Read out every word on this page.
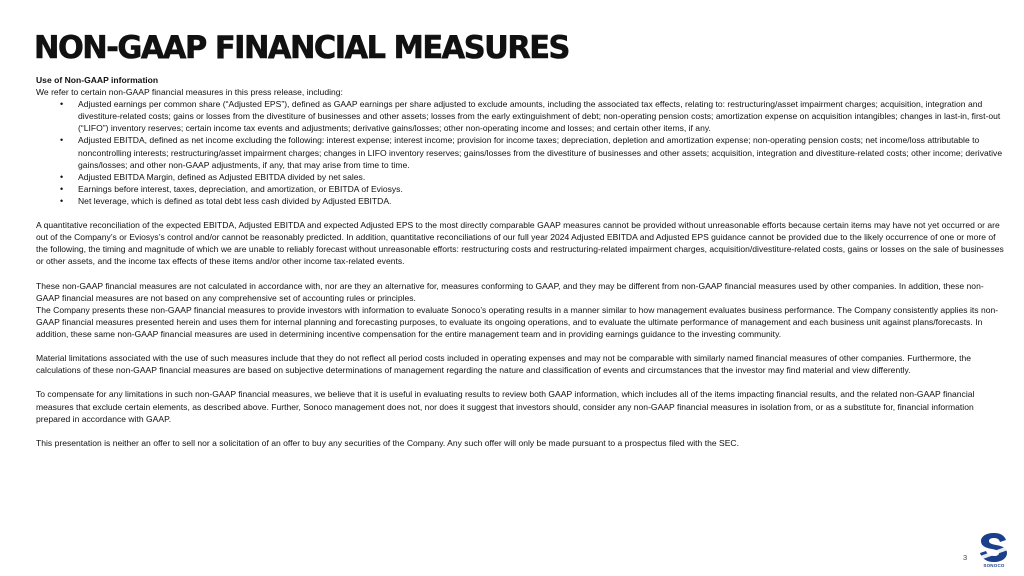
NON-GAAP FINANCIAL MEASURES

Use of Non-GAAP information

We refer to certain non-GAAP financial measures in this press release, including:

• Adjusted earnings per common share (“Adjusted EPS”), defined as GAAP earnings per share adjusted to exclude amounts, including the associated tax effects, relating to: restructuring/asset impairment charges; acquisition, integration and divestiture-related costs; gains or losses from the divestiture of businesses and other assets; losses from the early extinguishment of debt; non-operating pension costs; amortization expense on acquisition intangibles; changes in last-in, first-out (“LIFO”) inventory reserves; certain income tax events and adjustments; derivative gains/losses; other non-operating income and losses; and certain other items, if any.
• Adjusted EBITDA, defined as net income excluding the following: interest expense; interest income; provision for income taxes; depreciation, depletion and amortization expense; non-operating pension costs; net income/loss attributable to noncontrolling interests; restructuring/asset impairment charges; changes in LIFO inventory reserves; gains/losses from the divestiture of businesses and other assets; acquisition, integration and divestiture-related costs; other income; derivative gains/losses; and other non-GAAP adjustments, if any, that may arise from time to time.
• Adjusted EBITDA Margin, defined as Adjusted EBITDA divided by net sales.
• Earnings before interest, taxes, depreciation, and amortization, or EBITDA of Eviosys.
• Net leverage, which is defined as total debt less cash divided by Adjusted EBITDA.

A quantitative reconciliation of the expected EBITDA, Adjusted EBITDA and expected Adjusted EPS to the most directly comparable GAAP measures cannot be provided without unreasonable efforts because certain items may have not yet occurred or are out of the Company’s or Eviosys’s control and/or cannot be reasonably predicted. In addition, quantitative reconciliations of our full year 2024 Adjusted EBITDA and Adjusted EPS guidance cannot be provided due to the likely occurrence of one or more of the following, the timing and magnitude of which we are unable to reliably forecast without unreasonable efforts: restructuring costs and restructuring-related impairment charges, acquisition/divestiture-related costs, gains or losses on the sale of businesses or other assets, and the income tax effects of these items and/or other income tax-related events.

These non-GAAP financial measures are not calculated in accordance with, nor are they an alternative for, measures conforming to GAAP, and they may be different from non-GAAP financial measures used by other companies. In addition, these non-GAAP financial measures are not based on any comprehensive set of accounting rules or principles.

The Company presents these non-GAAP financial measures to provide investors with information to evaluate Sonoco’s operating results in a manner similar to how management evaluates business performance. The Company consistently applies its non-GAAP financial measures presented herein and uses them for internal planning and forecasting purposes, to evaluate its ongoing operations, and to evaluate the ultimate performance of management and each business unit against plans/forecasts. In addition, these same non-GAAP financial measures are used in determining incentive compensation for the entire management team and in providing earnings guidance to the investing community.

Material limitations associated with the use of such measures include that they do not reflect all period costs included in operating expenses and may not be comparable with similarly named financial measures of other companies. Furthermore, the calculations of these non-GAAP financial measures are based on subjective determinations of management regarding the nature and classification of events and circumstances that the investor may find material and view differently.

To compensate for any limitations in such non-GAAP financial measures, we believe that it is useful in evaluating results to review both GAAP information, which includes all of the items impacting financial results, and the related non-GAAP financial measures that exclude certain elements, as described above. Further, Sonoco management does not, nor does it suggest that investors should, consider any non-GAAP financial measures in isolation from, or as a substitute for, financial information prepared in accordance with GAAP.

This presentation is neither an offer to sell nor a solicitation of an offer to buy any securities of the Company. Any such offer will only be made pursuant to a prospectus filed with the SEC.

3
SONOCO
